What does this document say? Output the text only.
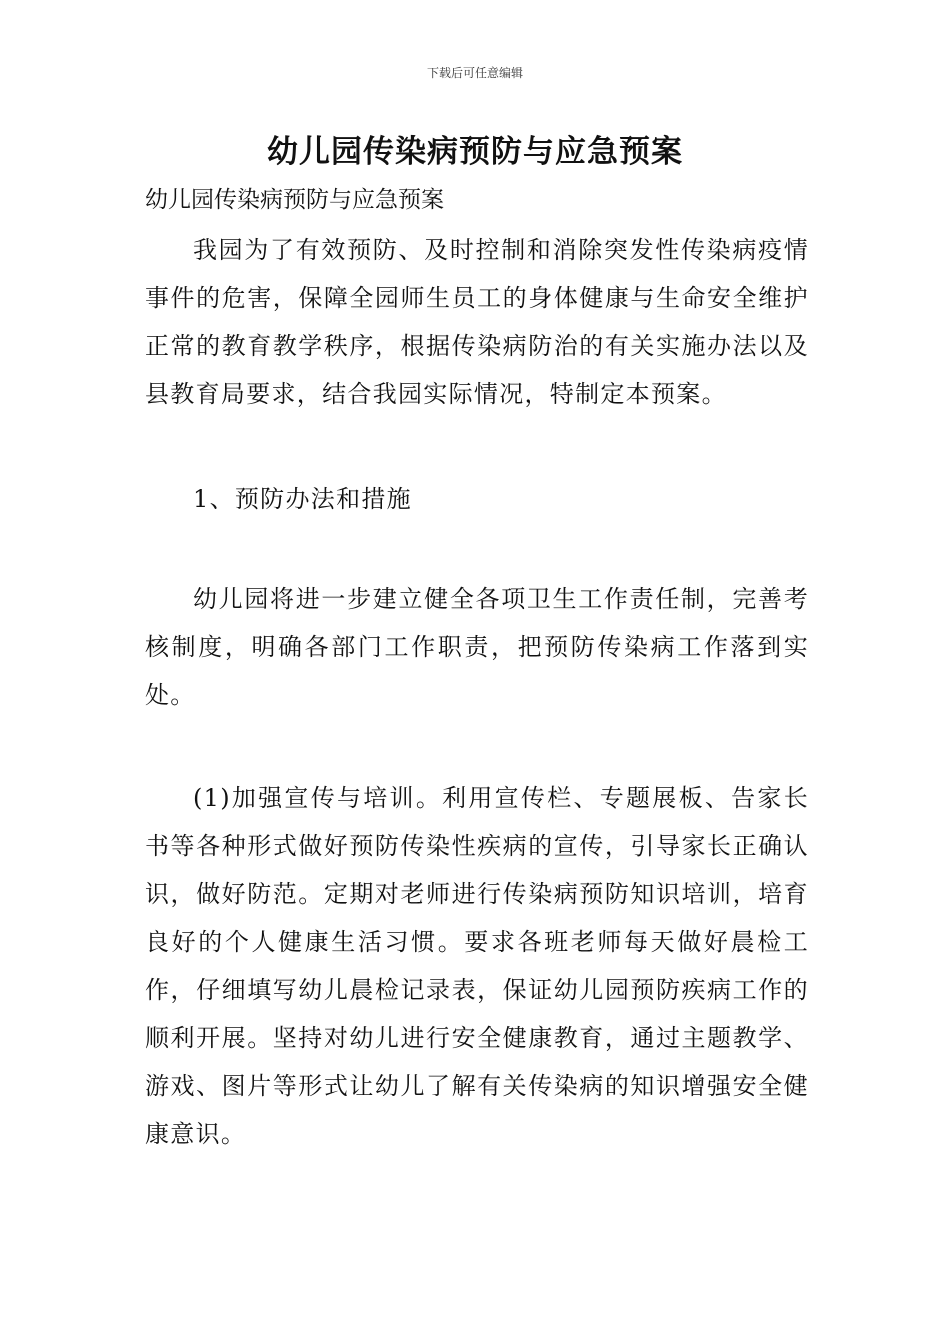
下载后可任意编辑
幼儿园传染病预防与应急预案
幼儿园传染病预防与应急预案

我园为了有效预防、及时控制和消除突发性传染病疫情事件的危害，保障全园师生员工的身体健康与生命安全维护正常的教育教学秩序，根据传染病防治的有关实施办法以及县教育局要求，结合我园实际情况，特制定本预案。

1、预防办法和措施

幼儿园将进一步建立健全各项卫生工作责任制，完善考核制度，明确各部门工作职责，把预防传染病工作落到实处。

(1)加强宣传与培训。利用宣传栏、专题展板、告家长书等各种形式做好预防传染性疾病的宣传，引导家长正确认识，做好防范。定期对老师进行传染病预防知识培训，培育良好的个人健康生活习惯。要求各班老师每天做好晨检工作，仔细填写幼儿晨检记录表，保证幼儿园预防疾病工作的顺利开展。坚持对幼儿进行安全健康教育，通过主题教学、游戏、图片等形式让幼儿了解有关传染病的知识增强安全健康意识。
